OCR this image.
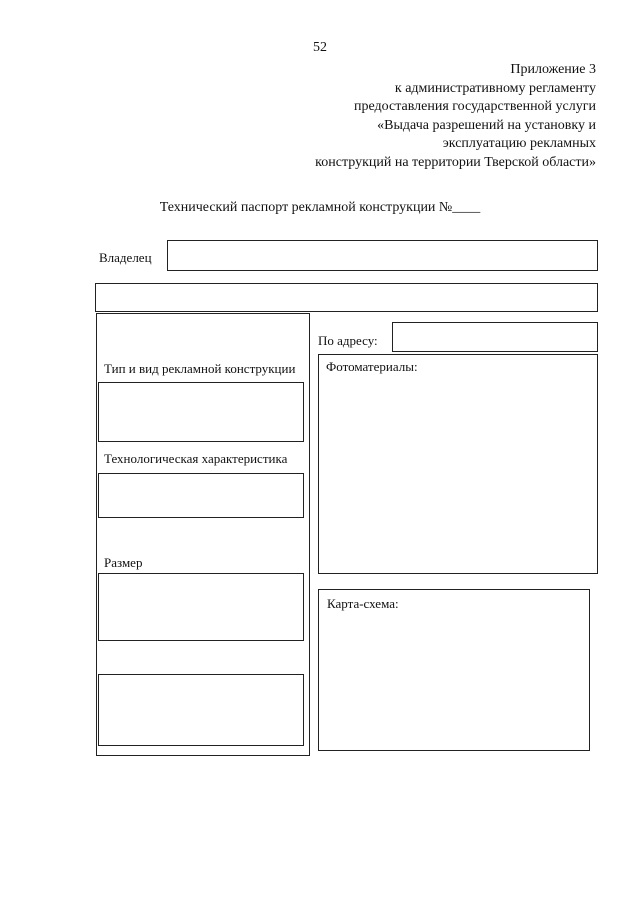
52
Приложение 3
к административному регламенту
предоставления государственной услуги
«Выдача разрешений на установку и
эксплуатацию рекламных
конструкций на территории Тверской области»
Технический паспорт рекламной конструкции №____
Владелец
Тип и вид рекламной конструкции
Технологическая характеристика
Размер
По адресу:
Фотоматериалы:
Карта-схема:
